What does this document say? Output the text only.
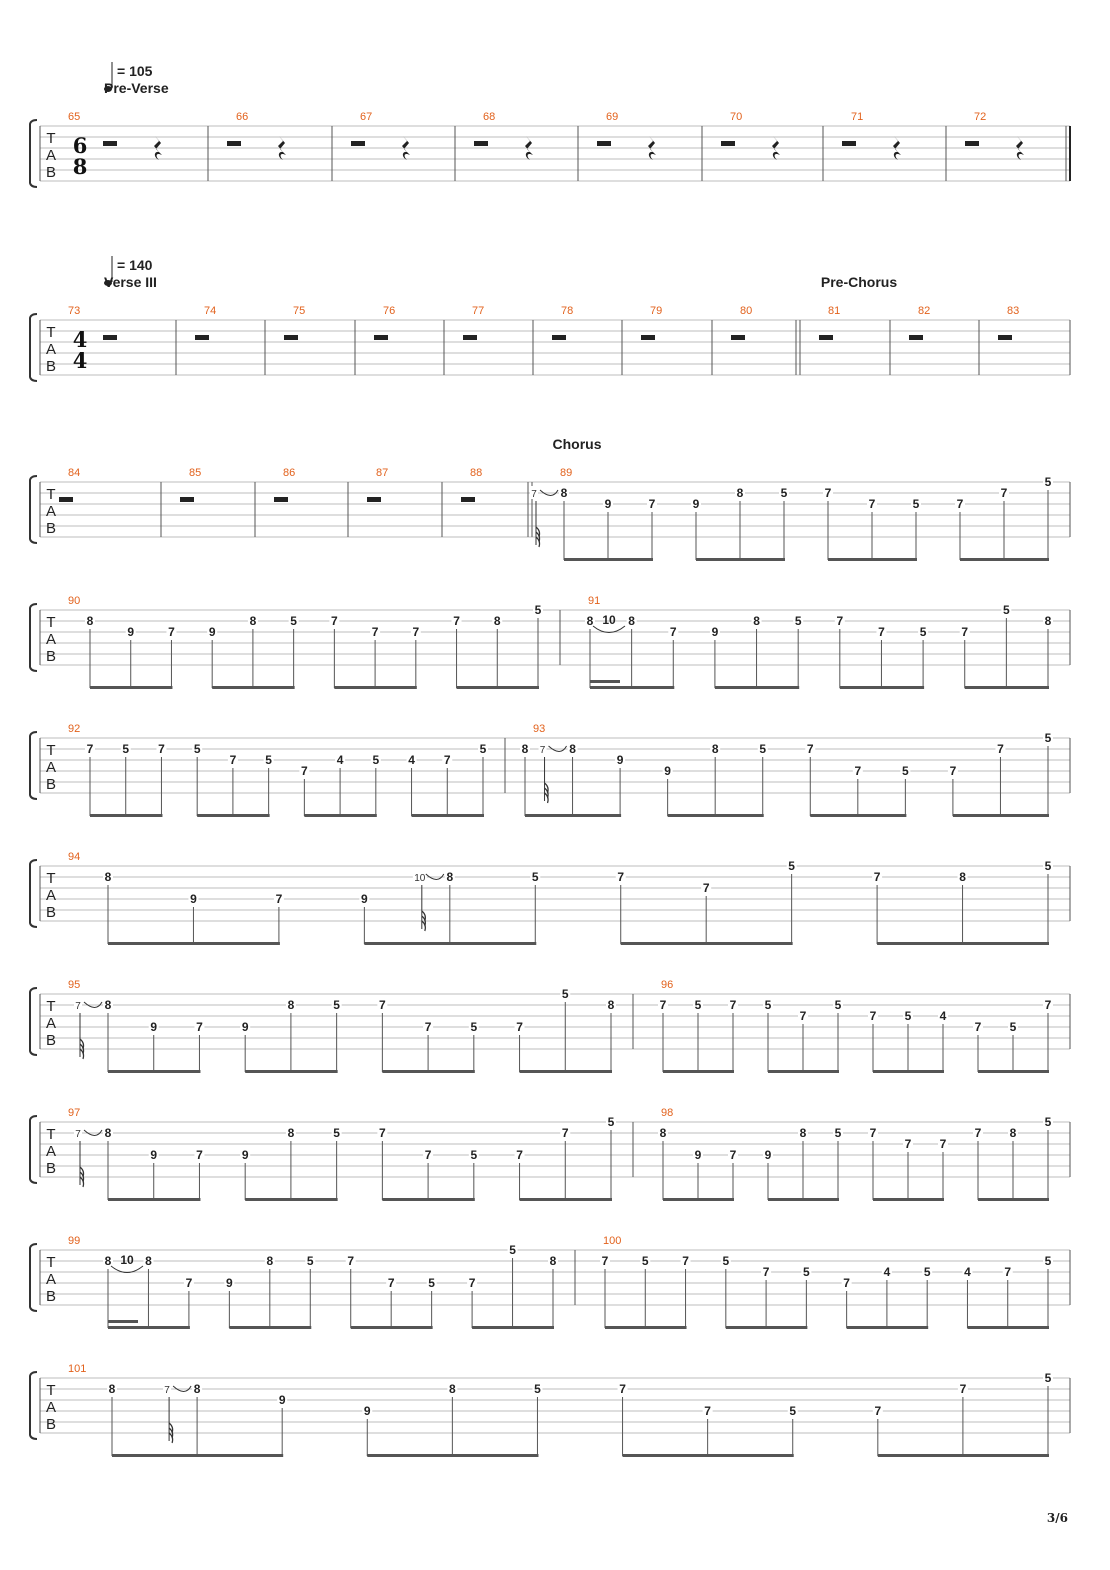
3/6
T
A
B
6
8
= 105
Pre-Verse
65	66	67	68	69	70	71	72
T
A
B
4
4
= 140
Verse III	Pre-Chorus
73	74	75	76	77	78	79	80	81	82	83
T
A
B
Chorus
84	85	86	87	88	89
8
7
9	7	9
8	5	7
7	5	7
7
5
T
A
B
90
8
9	7	9
8	5	7
7	7
7	8
5
91
8 10 8
7	9
8	5	7
7	5	7
5
8
T
A
B
92
7 5 7 5
7 5
7
4 5 4 7
5
93
8	8
7
9
9
8	5	7
7	5	7
7
5
T
A
B
94
8
9	7	9
8
10	5	7
7
5
7	8
5
T
A
B
95
8
7
9	7	9
8	5	7
7	5	7
5
8
96
7 5 7 5
7
5
7 5 4
7 5
7
T
A
B
97
8
7
9	7	9
8	5	7
7	5	7
7
5
98
8
9 7 9
8 5 7
7 7
7 8
5
T
A
B
99
8 10 8
7	9
8	5	7
7	5	7
5
8
100
7	5	7	5
7	5
7
4	5	4	7
5
T
A
B
101
8	8
7
9
9
8	5	7
7	5	7
7
5
